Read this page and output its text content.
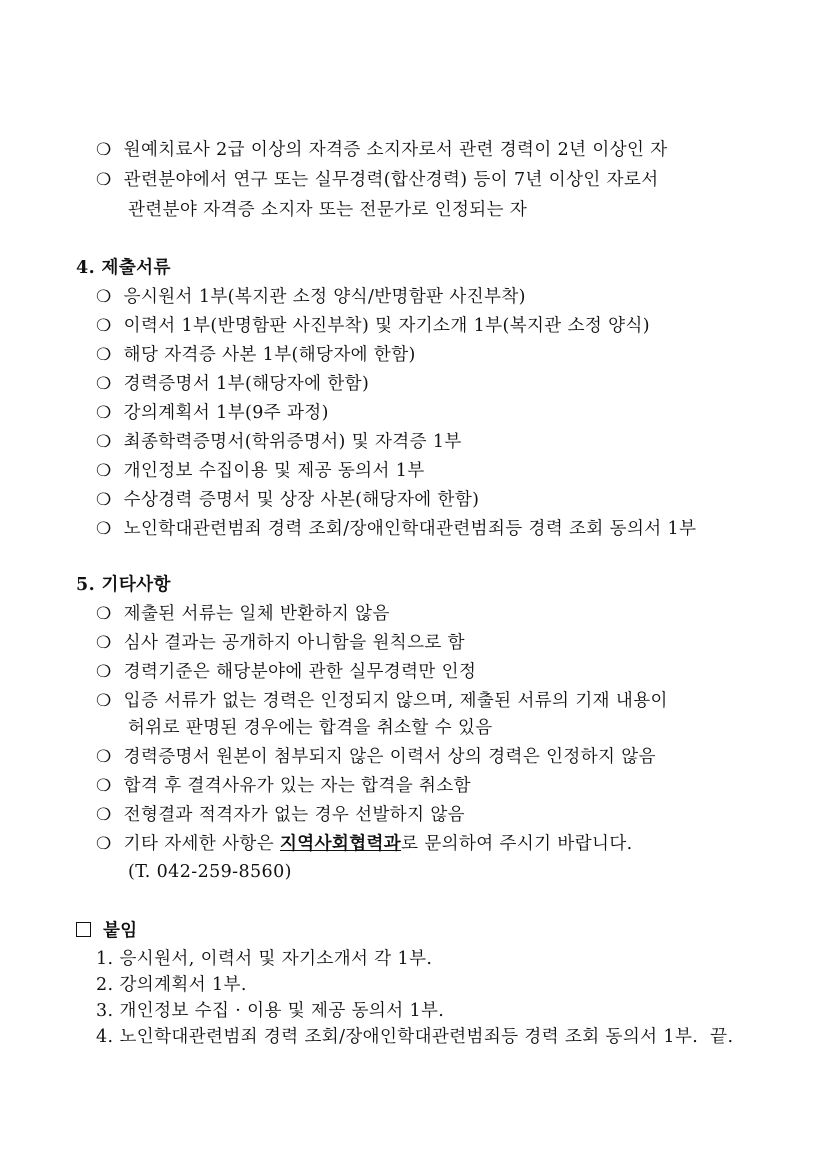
❍ 원예치료사 2급 이상의 자격증 소지자로서 관련 경력이 2년 이상인 자
❍ 관련분야에서 연구 또는 실무경력(합산경력) 등이 7년 이상인 자로서
관련분야 자격증 소지자 또는 전문가로 인정되는 자
4. 제출서류
❍ 응시원서 1부(복지관 소정 양식/반명함판 사진부착)
❍ 이력서 1부(반명함판 사진부착) 및 자기소개 1부(복지관 소정 양식)
❍ 해당 자격증 사본 1부(해당자에 한함)
❍ 경력증명서 1부(해당자에 한함)
❍ 강의계획서 1부(9주 과정)
❍ 최종학력증명서(학위증명서) 및 자격증 1부
❍ 개인정보 수집이용 및 제공 동의서 1부
❍ 수상경력 증명서 및 상장 사본(해당자에 한함)
❍ 노인학대관련범죄 경력 조회/장애인학대관련범죄등 경력 조회 동의서 1부
5. 기타사항
❍ 제출된 서류는 일체 반환하지 않음
❍ 심사 결과는 공개하지 아니함을 원칙으로 함
❍ 경력기준은 해당분야에 관한 실무경력만 인정
❍ 입증 서류가 없는 경력은 인정되지 않으며, 제출된 서류의 기재 내용이
허위로 판명된 경우에는 합격을 취소할 수 있음
❍ 경력증명서 원본이 첨부되지 않은 이력서 상의 경력은 인정하지 않음
❍ 합격 후 결격사유가 있는 자는 합격을 취소함
❍ 전형결과 적격자가 없는 경우 선발하지 않음
❍ 기타 자세한 사항은 지역사회협력과로 문의하여 주시기 바랍니다.
(T. 042-259-8560)
붙임
1. 응시원서, 이력서 및 자기소개서 각 1부.
2. 강의계획서 1부.
3. 개인정보 수집 · 이용 및 제공 동의서 1부.
4. 노인학대관련범죄 경력 조회/장애인학대관련범죄등 경력 조회 동의서 1부.  끝.
